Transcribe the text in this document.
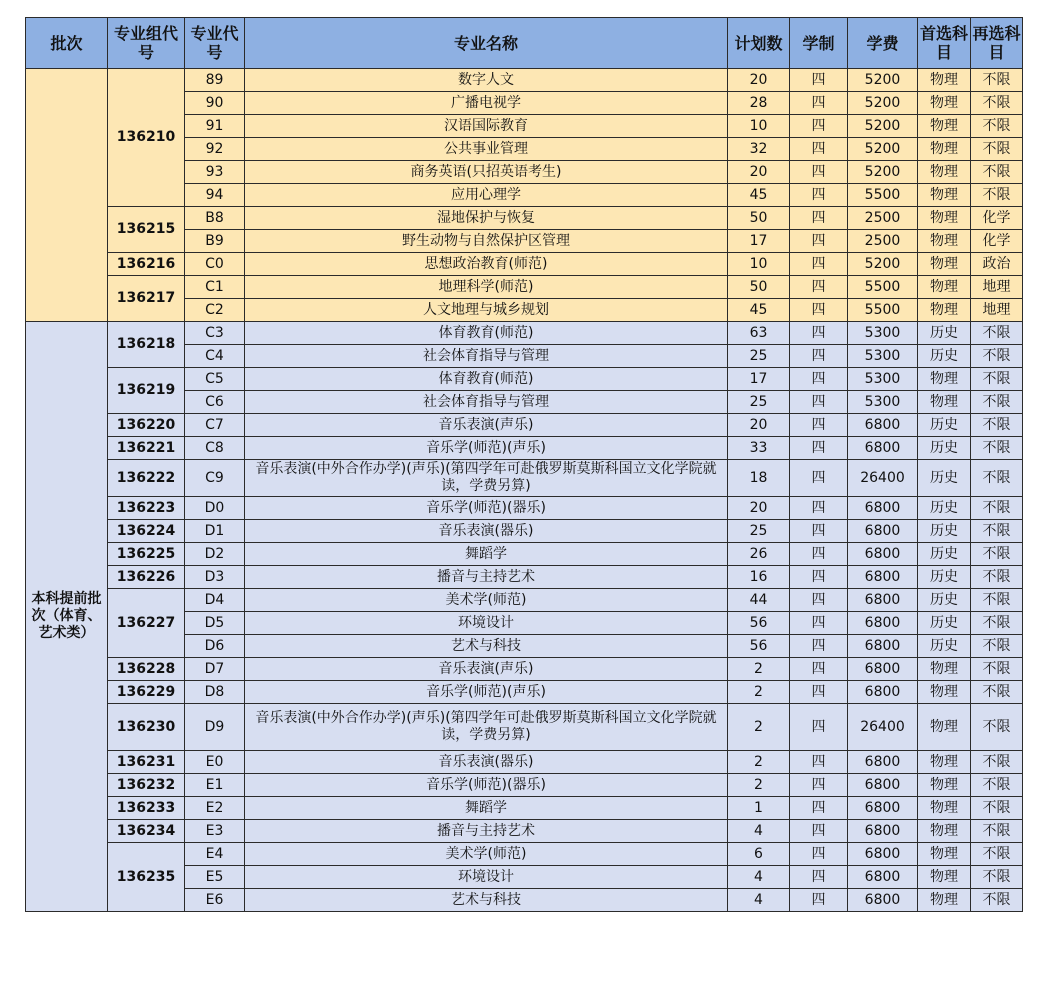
批次	专业组代号	专业代号	专业名称	计划数	学制	学费	首选科目	再选科目
	136210	89	数字人文	20	四	5200	物理	不限
		90	广播电视学	28	四	5200	物理	不限
		91	汉语国际教育	10	四	5200	物理	不限
		92	公共事业管理	32	四	5200	物理	不限
		93	商务英语(只招英语考生)	20	四	5200	物理	不限
		94	应用心理学	45	四	5500	物理	不限
	136215	B8	湿地保护与恢复	50	四	2500	物理	化学
		B9	野生动物与自然保护区管理	17	四	2500	物理	化学
	136216	C0	思想政治教育(师范)	10	四	5200	物理	政治
	136217	C1	地理科学(师范)	50	四	5500	物理	地理
		C2	人文地理与城乡规划	45	四	5500	物理	地理
本科提前批次（体育、艺术类）	136218	C3	体育教育(师范)	63	四	5300	历史	不限
		C4	社会体育指导与管理	25	四	5300	历史	不限
	136219	C5	体育教育(师范)	17	四	5300	物理	不限
		C6	社会体育指导与管理	25	四	5300	物理	不限
	136220	C7	音乐表演(声乐)	20	四	6800	历史	不限
	136221	C8	音乐学(师范)(声乐)	33	四	6800	历史	不限
	136222	C9	音乐表演(中外合作办学)(声乐)(第四学年可赴俄罗斯莫斯科国立文化学院就读，学费另算)	18	四	26400	历史	不限
	136223	D0	音乐学(师范)(器乐)	20	四	6800	历史	不限
	136224	D1	音乐表演(器乐)	25	四	6800	历史	不限
	136225	D2	舞蹈学	26	四	6800	历史	不限
	136226	D3	播音与主持艺术	16	四	6800	历史	不限
	136227	D4	美术学(师范)	44	四	6800	历史	不限
		D5	环境设计	56	四	6800	历史	不限
		D6	艺术与科技	56	四	6800	历史	不限
	136228	D7	音乐表演(声乐)	2	四	6800	物理	不限
	136229	D8	音乐学(师范)(声乐)	2	四	6800	物理	不限
	136230	D9	音乐表演(中外合作办学)(声乐)(第四学年可赴俄罗斯莫斯科国立文化学院就读，学费另算)	2	四	26400	物理	不限
	136231	E0	音乐表演(器乐)	2	四	6800	物理	不限
	136232	E1	音乐学(师范)(器乐)	2	四	6800	物理	不限
	136233	E2	舞蹈学	1	四	6800	物理	不限
	136234	E3	播音与主持艺术	4	四	6800	物理	不限
	136235	E4	美术学(师范)	6	四	6800	物理	不限
		E5	环境设计	4	四	6800	物理	不限
		E6	艺术与科技	4	四	6800	物理	不限
